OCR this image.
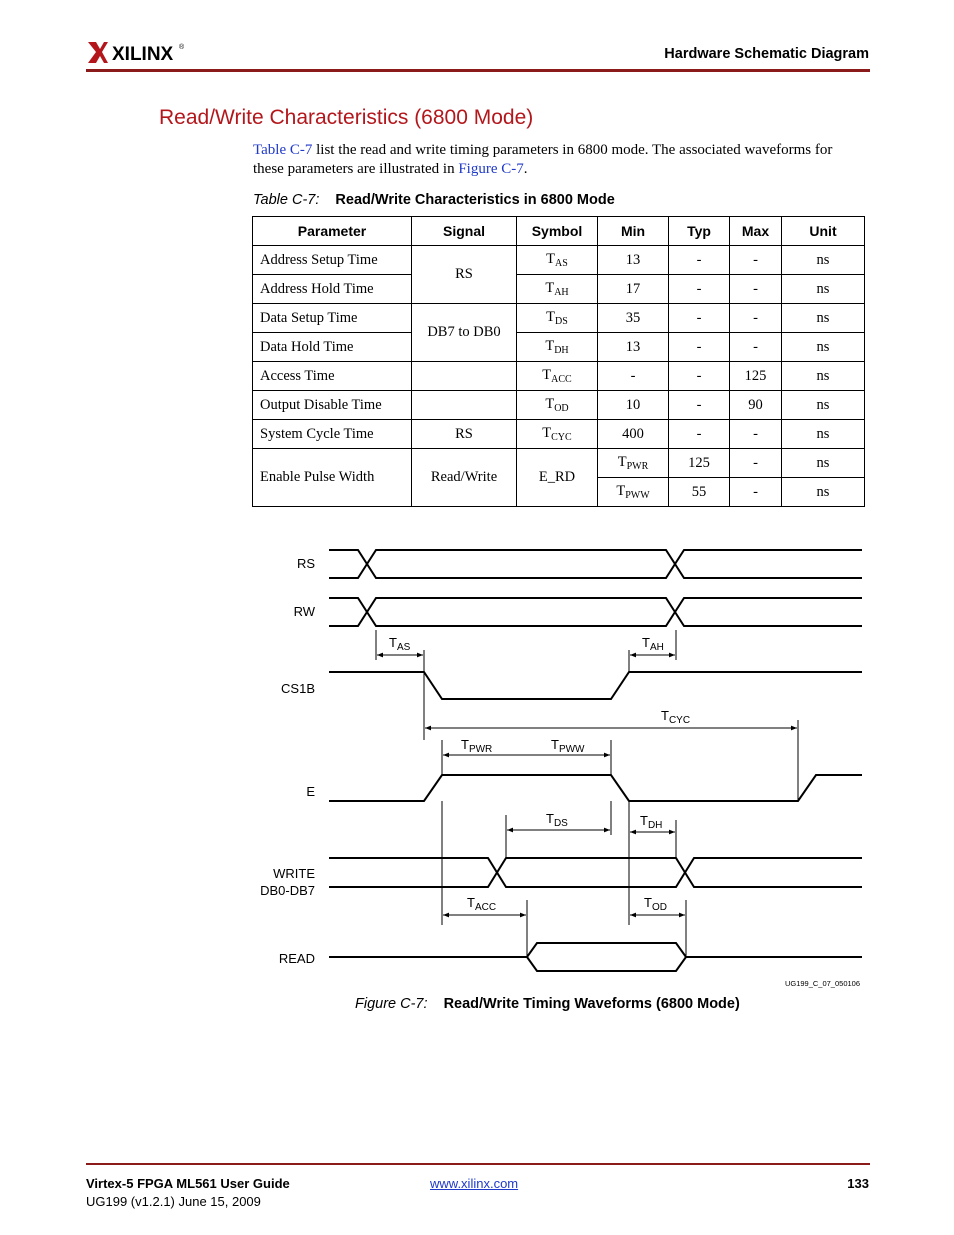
XILINX ®	Hardware Schematic Diagram
Read/Write Characteristics (6800 Mode)
Table C-7 list the read and write timing parameters in 6800 mode. The associated waveforms for these parameters are illustrated in Figure C-7.
Table C-7: Read/Write Characteristics in 6800 Mode
Parameter	Signal	Symbol	Min	Typ	Max	Unit
Address Setup Time	RS	$T_{AS}$	13	-	-	ns
Address Hold Time		$T_{AH}$	17	-	-	ns
Data Setup Time	DB7 to DB0	$T_{DS}$	35	-	-	ns
Data Hold Time		$T_{DH}$	13	-	-	ns
Access Time		$T_{ACC}$	-	-	125	ns
Output Disable Time		$T_{OD}$	10	-	90	ns
System Cycle Time	RS	$T_{CYC}$	400	-	-	ns
Enable Pulse Width	Read/Write	E_RD	$T_{PWR}$	125	-	ns
			$T_{PWW}$	55	-	ns
RS
RW
CS1B
E
WRITE
DB0-DB7
READ
$T_{AS}$	$T_{AH}$
$T_{CYC}$
$T_{PWR}$	$T_{PWW}$
$T_{DS}$	$T_{DH}$
$T_{ACC}$	$T_{OD}$
UG199_C_07_050106
Figure C-7: Read/Write Timing Waveforms (6800 Mode)
Virtex-5 FPGA ML561 User Guide
UG199 (v1.2.1) June 15, 2009
www.xilinx.com	133
